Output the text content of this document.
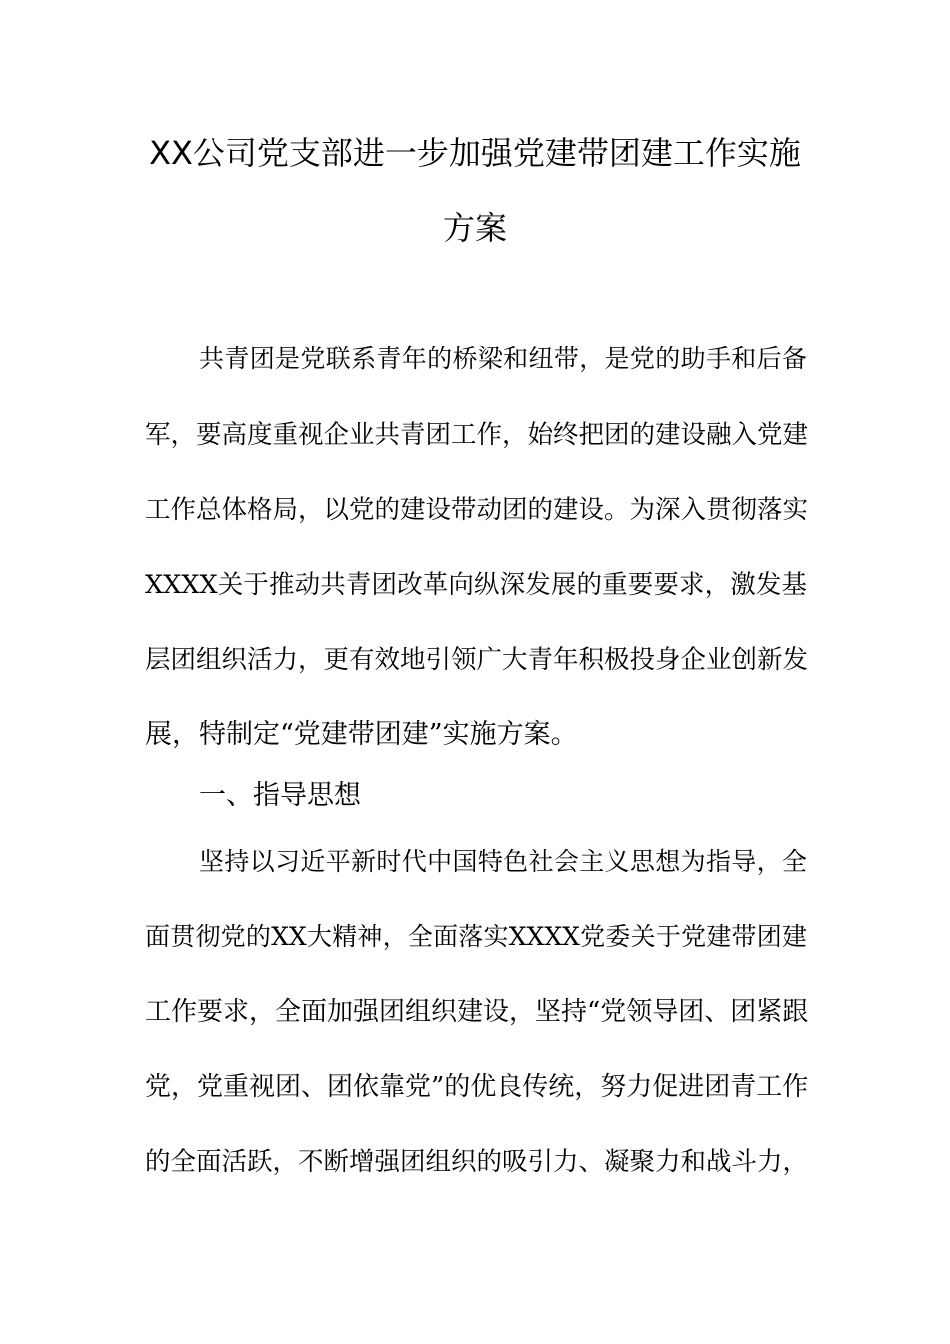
XX公司党支部进一步加强党建带团建工作实施
方案
共青团是党联系青年的桥梁和纽带，是党的助手和后备
军，要高度重视企业共青团工作，始终把团的建设融入党建
工作总体格局，以党的建设带动团的建设。为深入贯彻落实
XXXX关于推动共青团改革向纵深发展的重要要求，激发基
层团组织活力，更有效地引领广大青年积极投身企业创新发
展，特制定“党建带团建”实施方案。
一、指导思想
坚持以习近平新时代中国特色社会主义思想为指导，全
面贯彻党的XX大精神，全面落实XXXX党委关于党建带团建
工作要求，全面加强团组织建设，坚持“党领导团、团紧跟
党，党重视团、团依靠党”的优良传统，努力促进团青工作
的全面活跃，不断增强团组织的吸引力、凝聚力和战斗力，
